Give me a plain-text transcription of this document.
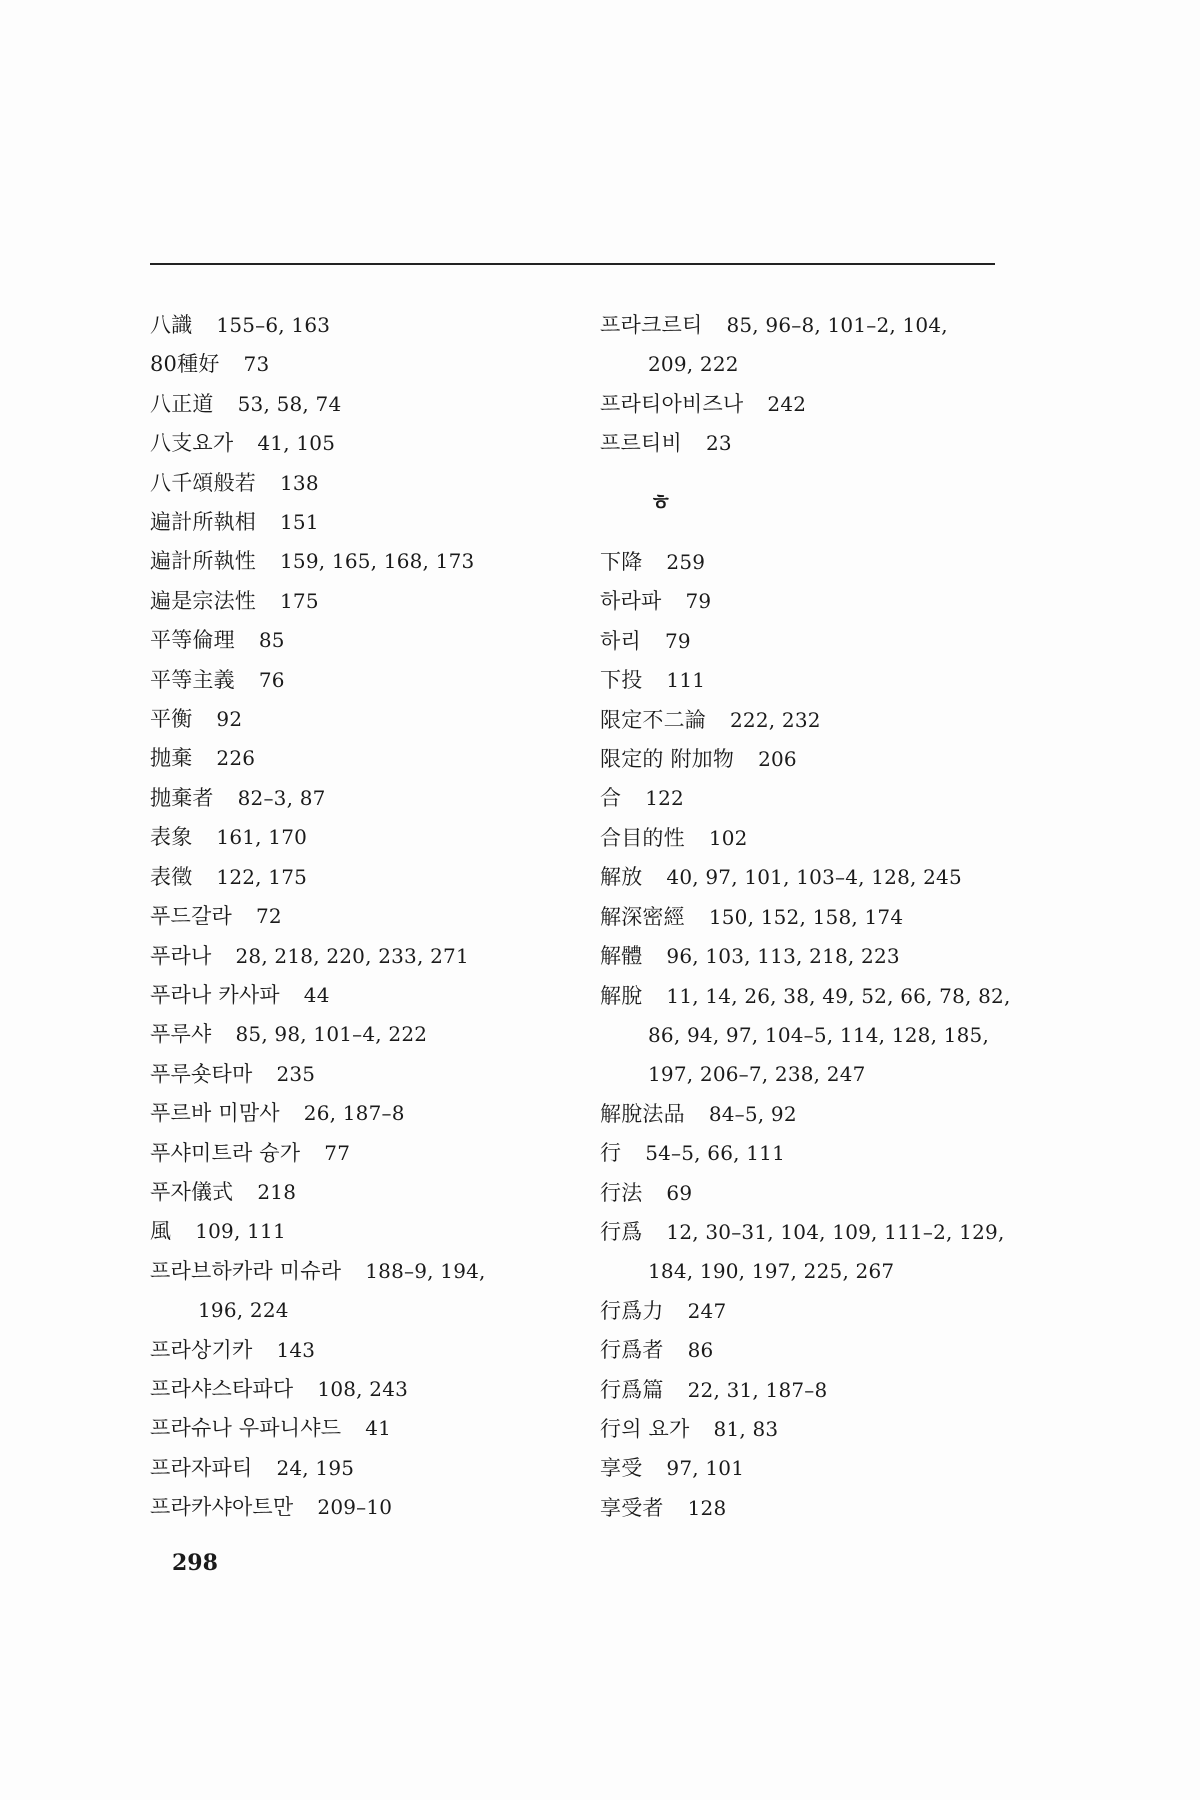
八識 155–6, 163
80種好 73
八正道 53, 58, 74
八支요가 41, 105
八千頌般若 138
遍計所執相 151
遍計所執性 159, 165, 168, 173
遍是宗法性 175
平等倫理 85
平等主義 76
平衡 92
抛棄 226
抛棄者 82–3, 87
表象 161, 170
表徵 122, 175
푸드갈라 72
푸라나 28, 218, 220, 233, 271
푸라나 카사파 44
푸루샤 85, 98, 101–4, 222
푸루숏타마 235
푸르바 미맘사 26, 187–8
푸샤미트라 슝가 77
푸자儀式 218
風 109, 111
프라브하카라 미슈라 188–9, 194,
196, 224
프라상기카 143
프라샤스타파다 108, 243
프라슈나 우파니샤드 41
프라자파티 24, 195
프라카샤아트만 209–10
프라크르티 85, 96–8, 101–2, 104,
209, 222
프라티아비즈나 242
프르티비 23
ㅎ
下降 259
하라파 79
하리 79
下投 111
限定不二論 222, 232
限定的 附加物 206
合 122
合目的性 102
解放 40, 97, 101, 103–4, 128, 245
解深密經 150, 152, 158, 174
解體 96, 103, 113, 218, 223
解脫 11, 14, 26, 38, 49, 52, 66, 78, 82,
86, 94, 97, 104–5, 114, 128, 185,
197, 206–7, 238, 247
解脫法品 84–5, 92
行 54–5, 66, 111
行法 69
行爲 12, 30–31, 104, 109, 111–2, 129,
184, 190, 197, 225, 267
行爲力 247
行爲者 86
行爲篇 22, 31, 187–8
行의 요가 81, 83
享受 97, 101
享受者 128
298
